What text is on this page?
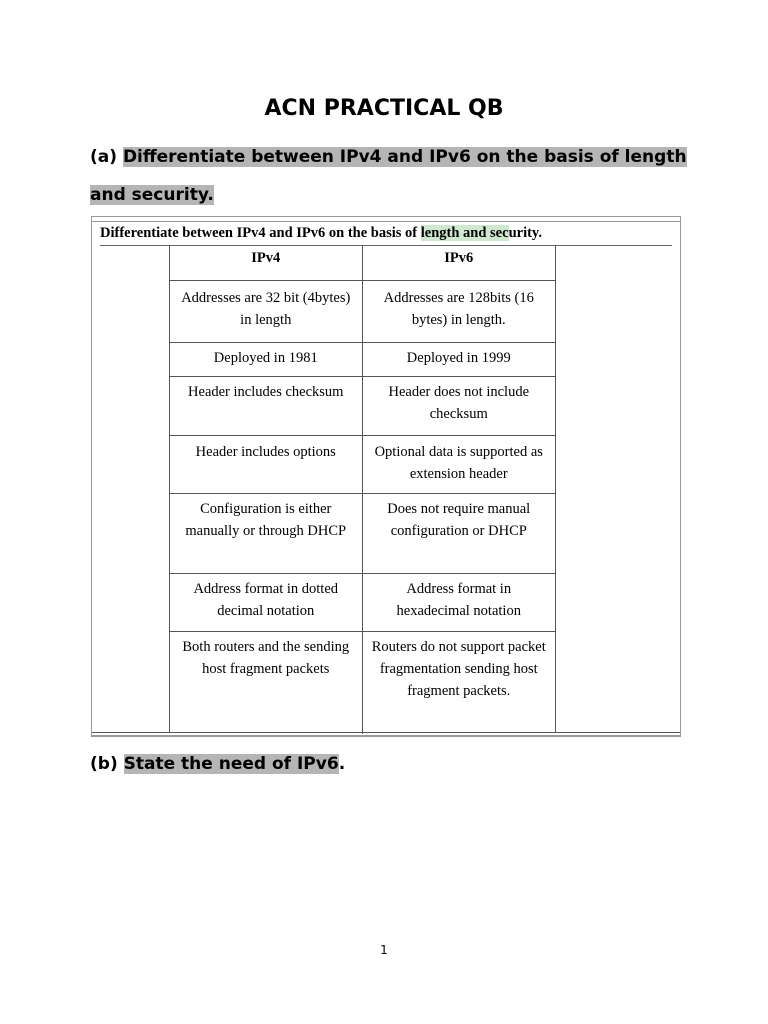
ACN PRACTICAL QB
(a) Differentiate between IPv4 and IPv6 on the basis of length and security.
Differentiate between IPv4 and IPv6 on the basis of length and security.
IPv4	IPv6
Addresses are 32 bit (4bytes) in length	Addresses are 128bits (16 bytes) in length.
Deployed in 1981	Deployed in 1999
Header includes checksum	Header does not include checksum
Header includes options	Optional data is supported as extension header
Configuration is either manually or through DHCP	Does not require manual configuration or DHCP
Address format in dotted decimal notation	Address format in hexadecimal notation
Both routers and the sending host fragment packets	Routers do not support packet fragmentation sending host fragment packets.
(b) State the need of IPv6.
1
